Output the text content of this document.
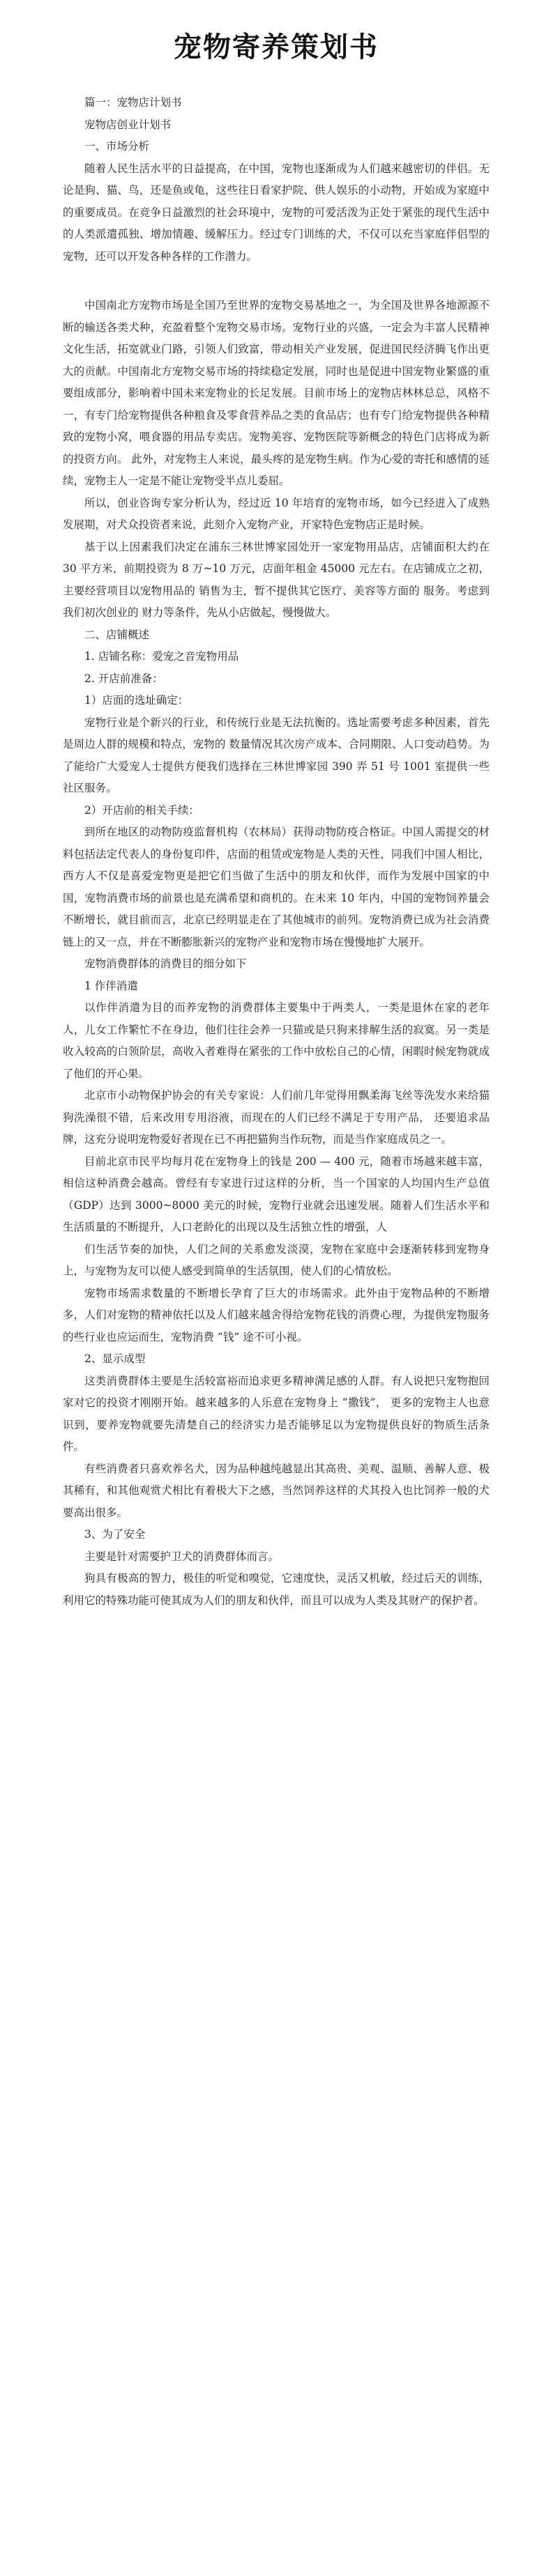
宠物寄养策划书

篇一：宠物店计划书

宠物店创业计划书

一、市场分析

随着人民生活水平的日益提高，在中国，宠物也逐渐成为人们越来越密切的伴侣。无论是狗、猫、鸟，还是鱼或龟，这些往日看家护院、供人娱乐的小动物，开始成为家庭中的重要成员。在竞争日益激烈的社会环境中，宠物的可爱活泼为正处于紧张的现代生活中的人类派遣孤独、增加情趣、缓解压力。经过专门训练的犬，不仅可以充当家庭伴侣型的宠物，还可以开发各种各样的工作潜力。

中国南北方宠物市场是全国乃至世界的宠物交易基地之一，为全国及世界各地源源不断的输送各类犬种，充盈着整个宠物交易市场。宠物行业的兴盛，一定会为丰富人民精神文化生活，拓宽就业门路，引领人们致富，带动相关产业发展，促进国民经济腾飞作出更大的贡献。中国南北方宠物交易市场的持续稳定发展，同时也是促进中国宠物业繁盛的重要组成部分，影响着中国未来宠物业的长足发展。目前市场上的宠物店林林总总，风格不一，有专门给宠物提供各种粮食及零食营养品之类的食品店；也有专门给宠物提供各种精致的宠物小窝，喂食器的用品专卖店。宠物美容、宠物医院等新概念的特色门店将成为新的投资方向。 此外，对宠物主人来说，最头疼的是宠物生病。作为心爱的寄托和感情的延续，宠物主人一定是不能让宠物受半点儿委屈。

所以，创业咨询专家分析认为，经过近 10 年培育的宠物市场，如今已经进入了成熟发展期，对犬众投资者来说，此刻介入宠物产业，开家特色宠物店正是时候。

基于以上因素我们决定在浦东三林世博家园处开一家宠物用品店，店铺面积大约在 30 平方米，前期投资为 8 万~10 万元，店面年租金 45000 元左右。在店铺成立之初，主要经营项目以宠物用品的 销售为主，暂不提供其它医疗、美容等方面的 服务。考虑到 我们初次创业的 财力等条件，先从小店做起，慢慢做大。

二、店铺概述

1. 店铺名称：爱宠之音宠物用品

2. 开店前准备：

1）店面的选址确定：

宠物行业是个新兴的行业，和传统行业是无法抗衡的。选址需要考虑多种因素，首先是周边人群的规模和特点，宠物的 数量情况其次房产成本、合同期限、人口变动趋势。为了能给广大爱宠人士提供方便我们选择在三林世博家园 390 弄 51 号 1001 室提供一些社区服务。

2）开店前的相关手续：

到所在地区的动物防疫监督机构（农林局）获得动物防疫合格证。中国人需提交的材料包括法定代表人的身份复印件，店面的租赁或宠物是人类的天性，同我们中国人相比，西方人不仅是喜爱宠物更是把它们当做了生活中的朋友和伙伴，而作为发展中国家的中国，宠物消费市场的前景也是充满希望和商机的。在未来 10 年内，中国的宠物饲养量会不断增长，就目前而言，北京已经明显走在了其他城市的前列。宠物消费已成为社会消费链上的又一点，并在不断膨胀新兴的宠物产业和宠物市场在慢慢地扩大展开。

宠物消费群体的消费目的细分如下

1 作伴消遣

以作伴消遣为目的而养宠物的消费群体主要集中于两类人，一类是退休在家的老年人，儿女工作繁忙不在身边，他们往往会养一只猫或是只狗来排解生活的寂寞。另一类是收入较高的白领阶层，高收入者难得在紧张的工作中放松自己的心情，闲暇时候宠物就成了他们的开心果。

北京市小动物保护协会的有关专家说：人们前几年觉得用飘柔海飞丝等洗发水来给猫狗洗澡很不错，后来改用专用浴液，而现在的人们已经不满足于专用产品， 还要追求品牌，这充分说明宠物爱好者现在已不再把猫狗当作玩物，而是当作家庭成员之一。

目前北京市民平均每月花在宠物身上的钱是 200 — 400 元，随着市场越来越丰富，相信这种消费会越高。曾经有专家进行过这样的分析，当一个国家的人均国内生产总值（GDP）达到 3000~8000 美元的时候，宠物行业就会迅速发展。随着人们生活水平和生活质量的不断提升，人口老龄化的出现以及生活独立性的增强，人

们生活节奏的加快，人们之间的关系愈发淡漠，宠物在家庭中会逐渐转移到宠物身上，与宠物为友可以使人感受到简单的生活氛围，使人们的心情放松。

宠物市场需求数量的不断增长孕育了巨大的市场需求。此外由于宠物品种的不断增多，人们对宠物的精神依托以及人们越来越舍得给宠物花钱的消费心理，为提供宠物服务的些行业也应运而生，宠物消费 “钱” 途不可小视。

2、显示成型

这类消费群体主要是生活较富裕而追求更多精神满足感的人群。有人说把只宠物抱回家对它的投资才刚刚开始。越来越多的人乐意在宠物身上 “撒钱”， 更多的宠物主人也意识到，要养宠物就要先清楚自己的经济实力是否能够足以为宠物提供良好的物质生活条件。

有些消费者只喜欢养名犬，因为品种越纯越显出其高贵、美观、温顺、善解人意、极其稀有，和其他观赏犬相比有着极大下之感，当然饲养这样的犬其投入也比饲养一般的犬要高出很多。

3、为了安全

主要是针对需要护卫犬的消费群体而言。

狗具有极高的智力，极佳的听觉和嗅觉，它速度快，灵活又机敏，经过后天的训练，利用它的特殊功能可使其成为人们的朋友和伙伴，而且可以成为人类及其财产的保护者。
